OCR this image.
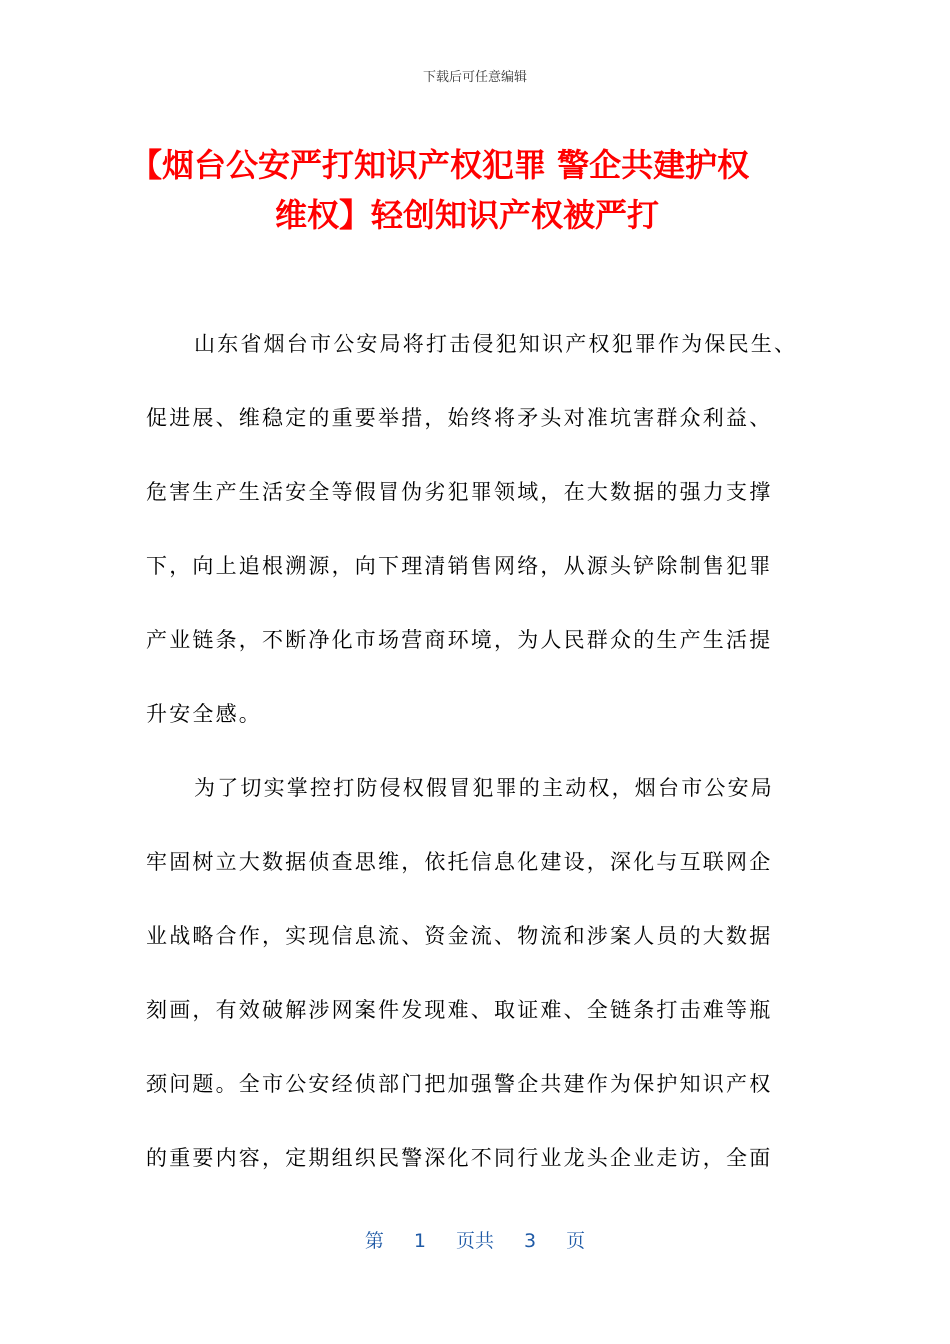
下载后可任意编辑
【烟台公安严打知识产权犯罪 警企共建护权
维权】轻创知识产权被严打

山东省烟台市公安局将打击侵犯知识产权犯罪作为保民生、
促进展、维稳定的重要举措，始终将矛头对准坑害群众利益、
危害生产生活安全等假冒伪劣犯罪领域，在大数据的强力支撑
下，向上追根溯源，向下理清销售网络，从源头铲除制售犯罪
产业链条，不断净化市场营商环境，为人民群众的生产生活提
升安全感。

为了切实掌控打防侵权假冒犯罪的主动权，烟台市公安局
牢固树立大数据侦查思维，依托信息化建设，深化与互联网企
业战略合作，实现信息流、资金流、物流和涉案人员的大数据
刻画，有效破解涉网案件发现难、取证难、全链条打击难等瓶
颈问题。全市公安经侦部门把加强警企共建作为保护知识产权
的重要内容，定期组织民警深化不同行业龙头企业走访，全面

第 1 页共 3 页
